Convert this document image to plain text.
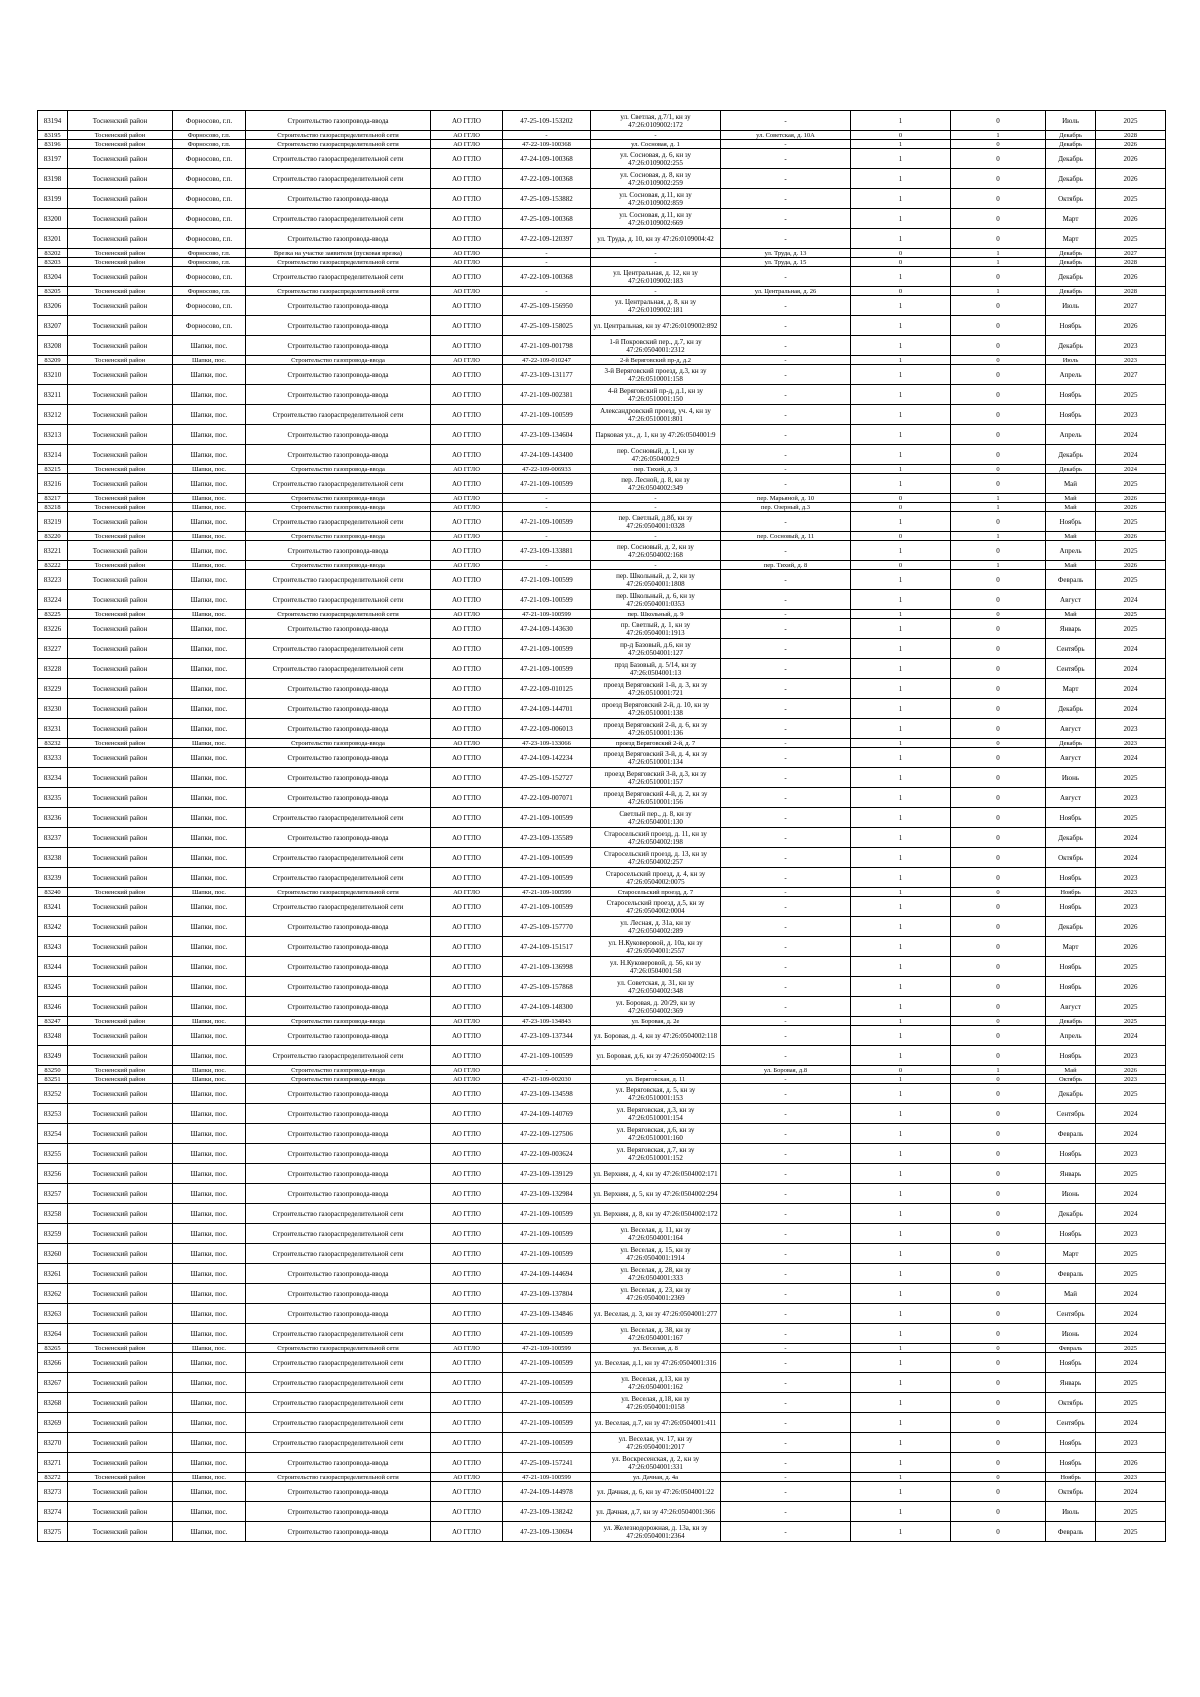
83194	Тосненский район	Форносово, г.п.	Строительство газопровода-ввода	АО ГГЛО	47-25-109-153202	ул. Светлая, д.7/1, кн зу 47:26:0109002:172	-	1	0	Июль	2025
83195	Тосненский район	Форносово, г.п.	Строительство газораспределительной сети	АО ГГЛО	-	-	ул. Советская, д. 10А	0	1	Декабрь	2028
83196	Тосненский район	Форносово, г.п.	Строительство газораспределительной сети	АО ГГЛО	47-22-109-100368	ул. Сосновая, д. 1	-	1	0	Декабрь	2026
83197	Тосненский район	Форносово, г.п.	Строительство газораспределительной сети	АО ГГЛО	47-24-109-100368	ул. Сосновая, д. 6, кн зу 47:26:0109002:255	-	1	0	Декабрь	2026
83198	Тосненский район	Форносово, г.п.	Строительство газораспределительной сети	АО ГГЛО	47-22-109-100368	ул. Сосновая, д. 8, кн зу 47:26:0109002:259	-	1	0	Декабрь	2026
83199	Тосненский район	Форносово, г.п.	Строительство газопровода-ввода	АО ГГЛО	47-25-109-153882	ул. Сосновая, д.11, кн зу 47:26:0109002:859	-	1	0	Октябрь	2025
83200	Тосненский район	Форносово, г.п.	Строительство газораспределительной сети	АО ГГЛО	47-25-109-100368	ул. Сосновая, д.11, кн зу 47:26:0109002:669	-	1	0	Март	2026
83201	Тосненский район	Форносово, г.п.	Строительство газопровода-ввода	АО ГГЛО	47-22-109-120397	ул. Труда, д. 10, кн зу 47:26:0109004:42	-	1	0	Март	2025
83202	Тосненский район	Форносово, г.п.	Врезка на участке заявителя (пусковая врезка)	АО ГГЛО	-	-	ул. Труда, д. 13	0	1	Декабрь	2027
83203	Тосненский район	Форносово, г.п.	Строительство газораспределительной сети	АО ГГЛО	-	-	ул. Труда, д. 15	0	1	Декабрь	2028
83204	Тосненский район	Форносово, г.п.	Строительство газораспределительной сети	АО ГГЛО	47-22-109-100368	ул. Центральная, д. 12, кн зу 47:26:0109002:183	-	1	0	Декабрь	2026
83205	Тосненский район	Форносово, г.п.	Строительство газораспределительной сети	АО ГГЛО	-	-	ул. Центральная, д. 26	0	1	Декабрь	2028
83206	Тосненский район	Форносово, г.п.	Строительство газопровода-ввода	АО ГГЛО	47-25-109-156950	ул. Центральная, д. 8, кн зу 47:26:0109002:181	-	1	0	Июль	2027
83207	Тосненский район	Форносово, г.п.	Строительство газопровода-ввода	АО ГГЛО	47-25-109-158025	ул. Центральная, кн зу 47:26:0109002:892	-	1	0	Ноябрь	2026
83208	Тосненский район	Шапки, пос.	Строительство газопровода-ввода	АО ГГЛО	47-21-109-001798	1-й Покровский пер., д.7, кн зу 47:26:0504001:2312	-	1	0	Декабрь	2023
83209	Тосненский район	Шапки, пос.	Строительство газопровода-ввода	АО ГГЛО	47-22-109-010247	2-й Веряговский пр-д, д.2	-	1	0	Июль	2023
83210	Тосненский район	Шапки, пос.	Строительство газопровода-ввода	АО ГГЛО	47-23-109-131177	3-й Веряговский проезд, д.3, кн зу 47:26:0510001:158	-	1	0	Апрель	2027
83211	Тосненский район	Шапки, пос.	Строительство газопровода-ввода	АО ГГЛО	47-21-109-002381	4-й Веряговский пр-д, д.1, кн зу 47:26:0510001:150	-	1	0	Ноябрь	2025
83212	Тосненский район	Шапки, пос.	Строительство газораспределительной сети	АО ГГЛО	47-21-109-100599	Александровский проезд, уч. 4, кн зу 47:26:0510001:801	-	1	0	Ноябрь	2023
83213	Тосненский район	Шапки, пос.	Строительство газопровода-ввода	АО ГГЛО	47-23-109-134604	Парковая ул., д. 1, кн зу 47:26:0504001:9	-	1	0	Апрель	2024
83214	Тосненский район	Шапки, пос.	Строительство газопровода-ввода	АО ГГЛО	47-24-109-143400	пер. Сосновый, д. 1, кн зу 47:26:0504002:9	-	1	0	Декабрь	2024
83215	Тосненский район	Шапки, пос.	Строительство газопровода-ввода	АО ГГЛО	47-22-109-006933	пер. Тихий, д. 3	-	1	0	Декабрь	2024
83216	Тосненский район	Шапки, пос.	Строительство газораспределительной сети	АО ГГЛО	47-21-109-100599	пер. Лесной, д. 8, кн зу 47:26:0504002:349	-	1	0	Май	2025
83217	Тосненский район	Шапки, пос.	Строительство газопровода-ввода	АО ГГЛО	-	-	пер. Марьяной, д. 10	0	1	Май	2026
83218	Тосненский район	Шапки, пос.	Строительство газопровода-ввода	АО ГГЛО	-	-	пер. Озерный, д.3	0	1	Май	2026
83219	Тосненский район	Шапки, пос.	Строительство газораспределительной сети	АО ГГЛО	47-21-109-100599	пер. Светлый, д.8б, кн зу 47:26:0504001:0328	-	1	0	Ноябрь	2025
83220	Тосненский район	Шапки, пос.	Строительство газопровода-ввода	АО ГГЛО	-	-	пер. Сосновый, д. 11	0	1	Май	2026
83221	Тосненский район	Шапки, пос.	Строительство газопровода-ввода	АО ГГЛО	47-23-109-133881	пер. Сосновый, д. 2, кн зу 47:26:0504002:168	-	1	0	Апрель	2025
83222	Тосненский район	Шапки, пос.	Строительство газопровода-ввода	АО ГГЛО	-	-	пер. Тихий, д. 8	0	1	Май	2026
83223	Тосненский район	Шапки, пос.	Строительство газораспределительной сети	АО ГГЛО	47-21-109-100599	пер. Школьный, д. 2, кн зу 47:26:0504001:1808	-	1	0	Февраль	2025
83224	Тосненский район	Шапки, пос.	Строительство газораспределительной сети	АО ГГЛО	47-21-109-100599	пер. Школьный, д. 6, кн зу 47:26:0504001:0353	-	1	0	Август	2024
83225	Тосненский район	Шапки, пос.	Строительство газораспределительной сети	АО ГГЛО	47-21-109-100599	пер. Школьный, д. 9	-	1	0	Май	2025
83226	Тосненский район	Шапки, пос.	Строительство газопровода-ввода	АО ГГЛО	47-24-109-143630	пр. Светлый, д. 1, кн зу 47:26:0504001:1913	-	1	0	Январь	2025
83227	Тосненский район	Шапки, пос.	Строительство газораспределительной сети	АО ГГЛО	47-21-109-100599	пр-д Базовый, д.6, кн зу 47:26:0504001:127	-	1	0	Сентябрь	2024
83228	Тосненский район	Шапки, пос.	Строительство газораспределительной сети	АО ГГЛО	47-21-109-100599	прзд Базовый, д. 5/14, кн зу 47:26:0504001:13	-	1	0	Сентябрь	2024
83229	Тосненский район	Шапки, пос.	Строительство газопровода-ввода	АО ГГЛО	47-22-109-010125	проезд Веряговский 1-й, д. 3, кн зу 47:26:0510001:721	-	1	0	Март	2024
83230	Тосненский район	Шапки, пос.	Строительство газопровода-ввода	АО ГГЛО	47-24-109-144701	проезд Веряговский 2-й, д. 10, кн зу 47:26:0510001:138	-	1	0	Декабрь	2024
83231	Тосненский район	Шапки, пос.	Строительство газопровода-ввода	АО ГГЛО	47-22-109-006013	проезд Веряговский 2-й, д. 6, кн зу 47:26:0510001:136	-	1	0	Август	2023
83232	Тосненский район	Шапки, пос.	Строительство газопровода-ввода	АО ГГЛО	47-23-109-133066	проезд Веряговский 2-й, д. 7	-	1	0	Декабрь	2023
83233	Тосненский район	Шапки, пос.	Строительство газопровода-ввода	АО ГГЛО	47-24-109-142234	проезд Веряговский 3-й, д. 4, кн зу 47:26:0510001:134	-	1	0	Август	2024
83234	Тосненский район	Шапки, пос.	Строительство газопровода-ввода	АО ГГЛО	47-25-109-152727	проезд Веряговский 3-й, д.3, кн зу 47:26:0510001:157	-	1	0	Июнь	2025
83235	Тосненский район	Шапки, пос.	Строительство газопровода-ввода	АО ГГЛО	47-22-109-007071	проезд Веряговский 4-й, д. 2, кн зу 47:26:0510001:156	-	1	0	Август	2023
83236	Тосненский район	Шапки, пос.	Строительство газораспределительной сети	АО ГГЛО	47-21-109-100599	Светлый пер., д. 8, кн зу 47:26:0504001:130	-	1	0	Ноябрь	2025
83237	Тосненский район	Шапки, пос.	Строительство газопровода-ввода	АО ГГЛО	47-23-109-135589	Старосельский проезд, д. 11, кн зу 47:26:0504002:198	-	1	0	Декабрь	2024
83238	Тосненский район	Шапки, пос.	Строительство газораспределительной сети	АО ГГЛО	47-21-109-100599	Старосельский проезд, д. 13, кн зу 47:26:0504002:257	-	1	0	Октябрь	2024
83239	Тосненский район	Шапки, пос.	Строительство газораспределительной сети	АО ГГЛО	47-21-109-100599	Старосельский проезд, д. 4, кн зу 47:26:0504002:0075	-	1	0	Ноябрь	2023
83240	Тосненский район	Шапки, пос.	Строительство газораспределительной сети	АО ГГЛО	47-21-109-100599	Старосельский проезд, д. 7	-	1	0	Ноябрь	2023
83241	Тосненский район	Шапки, пос.	Строительство газораспределительной сети	АО ГГЛО	47-21-109-100599	Старосельский проезд, д.5, кн зу 47:26:0504002:0004	-	1	0	Ноябрь	2023
83242	Тосненский район	Шапки, пос.	Строительство газопровода-ввода	АО ГГЛО	47-25-109-157770	ул. Лесная, д. 31а, кн зу 47:26:0504002:289	-	1	0	Декабрь	2026
83243	Тосненский район	Шапки, пос.	Строительство газопровода-ввода	АО ГГЛО	47-24-109-151517	ул. Н.Куковеровой, д. 10а, кн зу 47:26:0504001:2557	-	1	0	Март	2026
83244	Тосненский район	Шапки, пос.	Строительство газопровода-ввода	АО ГГЛО	47-21-109-136998	ул. Н.Куковеровой, д. 56, кн зу 47:26:0504001:58	-	1	0	Ноябрь	2025
83245	Тосненский район	Шапки, пос.	Строительство газопровода-ввода	АО ГГЛО	47-25-109-157868	ул. Советская, д. 31, кн зу 47:26:0504002:348	-	1	0	Ноябрь	2026
83246	Тосненский район	Шапки, пос.	Строительство газопровода-ввода	АО ГГЛО	47-24-109-148300	ул. Боровая, д. 20/29, кн зу 47:26:0504002:369	-	1	0	Август	2025
83247	Тосненский район	Шапки, пос.	Строительство газопровода-ввода	АО ГГЛО	47-23-109-134843	ул. Боровая, д. 2е	-	1	0	Декабрь	2025
83248	Тосненский район	Шапки, пос.	Строительство газопровода-ввода	АО ГГЛО	47-23-109-137344	ул. Боровая, д. 4, кн зу 47:26:0504002:118	-	1	0	Апрель	2024
83249	Тосненский район	Шапки, пос.	Строительство газораспределительной сети	АО ГГЛО	47-21-109-100599	ул. Боровая, д.6, кн зу 47:26:0504002:15	-	1	0	Ноябрь	2023
83250	Тосненский район	Шапки, пос.	Строительство газопровода-ввода	АО ГГЛО	-	-	ул. Боровая, д.8	0	1	Май	2026
83251	Тосненский район	Шапки, пос.	Строительство газопровода-ввода	АО ГГЛО	47-21-109-002030	ул. Веряговская, д. 11	-	1	0	Октябрь	2023
83252	Тосненский район	Шапки, пос.	Строительство газопровода-ввода	АО ГГЛО	47-23-109-134598	ул. Веряговская, д. 5, кн зу 47:26:0510001:153	-	1	0	Декабрь	2025
83253	Тосненский район	Шапки, пос.	Строительство газопровода-ввода	АО ГГЛО	47-24-109-140769	ул. Веряговская, д.3, кн зу 47:26:0510001:154	-	1	0	Сентябрь	2024
83254	Тосненский район	Шапки, пос.	Строительство газопровода-ввода	АО ГГЛО	47-22-109-127506	ул. Веряговская, д.6, кн зу 47:26:0510001:160	-	1	0	Февраль	2024
83255	Тосненский район	Шапки, пос.	Строительство газопровода-ввода	АО ГГЛО	47-22-109-003624	ул. Веряговская, д.7, кн зу 47:26:0510001:152	-	1	0	Ноябрь	2023
83256	Тосненский район	Шапки, пос.	Строительство газопровода-ввода	АО ГГЛО	47-23-109-139129	ул. Верхняя, д. 4, кн зу 47:26:0504002:171	-	1	0	Январь	2025
83257	Тосненский район	Шапки, пос.	Строительство газопровода-ввода	АО ГГЛО	47-23-109-132984	ул. Верхняя, д. 5, кн зу 47:26:0504002:294	-	1	0	Июнь	2024
83258	Тосненский район	Шапки, пос.	Строительство газораспределительной сети	АО ГГЛО	47-21-109-100599	ул. Верхняя, д. 8, кн зу 47:26:0504002:172	-	1	0	Декабрь	2024
83259	Тосненский район	Шапки, пос.	Строительство газораспределительной сети	АО ГГЛО	47-21-109-100599	ул. Веселая, д. 11, кн зу 47:26:0504001:164	-	1	0	Ноябрь	2023
83260	Тосненский район	Шапки, пос.	Строительство газораспределительной сети	АО ГГЛО	47-21-109-100599	ул. Веселая, д. 15, кн зу 47:26:0504001:1914	-	1	0	Март	2025
83261	Тосненский район	Шапки, пос.	Строительство газопровода-ввода	АО ГГЛО	47-24-109-144694	ул. Веселая, д. 28, кн зу 47:26:0504001:333	-	1	0	Февраль	2025
83262	Тосненский район	Шапки, пос.	Строительство газопровода-ввода	АО ГГЛО	47-23-109-137804	ул. Веселая, д. 23, кн зу 47:26:0504001:2369	-	1	0	Май	2024
83263	Тосненский район	Шапки, пос.	Строительство газопровода-ввода	АО ГГЛО	47-23-109-134846	ул. Веселая, д. 3, кн зу 47:26:0504001:277	-	1	0	Сентябрь	2024
83264	Тосненский район	Шапки, пос.	Строительство газораспределительной сети	АО ГГЛО	47-21-109-100599	ул. Веселая, д. 38, кн зу 47:26:0504001:167	-	1	0	Июнь	2024
83265	Тосненский район	Шапки, пос.	Строительство газораспределительной сети	АО ГГЛО	47-21-109-100599	ул. Веселая, д. 8	-	1	0	Февраль	2025
83266	Тосненский район	Шапки, пос.	Строительство газораспределительной сети	АО ГГЛО	47-21-109-100599	ул. Веселая, д.1, кн зу 47:26:0504001:316	-	1	0	Ноябрь	2024
83267	Тосненский район	Шапки, пос.	Строительство газораспределительной сети	АО ГГЛО	47-21-109-100599	ул. Веселая, д.13, кн зу 47:26:0504001:162	-	1	0	Январь	2025
83268	Тосненский район	Шапки, пос.	Строительство газораспределительной сети	АО ГГЛО	47-21-109-100599	ул. Веселая, д.18, кн зу 47:26:0504001:0158	-	1	0	Октябрь	2025
83269	Тосненский район	Шапки, пос.	Строительство газораспределительной сети	АО ГГЛО	47-21-109-100599	ул. Веселая, д.7, кн зу 47:26:0504001:411	-	1	0	Сентябрь	2024
83270	Тосненский район	Шапки, пос.	Строительство газораспределительной сети	АО ГГЛО	47-21-109-100599	ул. Веселая, уч. 17, кн зу 47:26:0504001:2017	-	1	0	Ноябрь	2023
83271	Тосненский район	Шапки, пос.	Строительство газопровода-ввода	АО ГГЛО	47-25-109-157241	ул. Воскресенская, д. 2, кн зу 47:26:0504001:331	-	1	0	Ноябрь	2026
83272	Тосненский район	Шапки, пос.	Строительство газораспределительной сети	АО ГГЛО	47-21-109-100599	ул. Дачная, д. 4а	-	1	0	Ноябрь	2023
83273	Тосненский район	Шапки, пос.	Строительство газопровода-ввода	АО ГГЛО	47-24-109-144978	ул. Дачная, д. 6, кн зу 47:26:0504001:22	-	1	0	Октябрь	2024
83274	Тосненский район	Шапки, пос.	Строительство газопровода-ввода	АО ГГЛО	47-23-109-138242	ул. Дачная, д.7, кн зу 47:26:0504001:366	-	1	0	Июль	2025
83275	Тосненский район	Шапки, пос.	Строительство газопровода-ввода	АО ГГЛО	47-23-109-130694	ул. Железнодорожная, д. 13а, кн зу 47:26:0504001:2364	-	1	0	Февраль	2025
